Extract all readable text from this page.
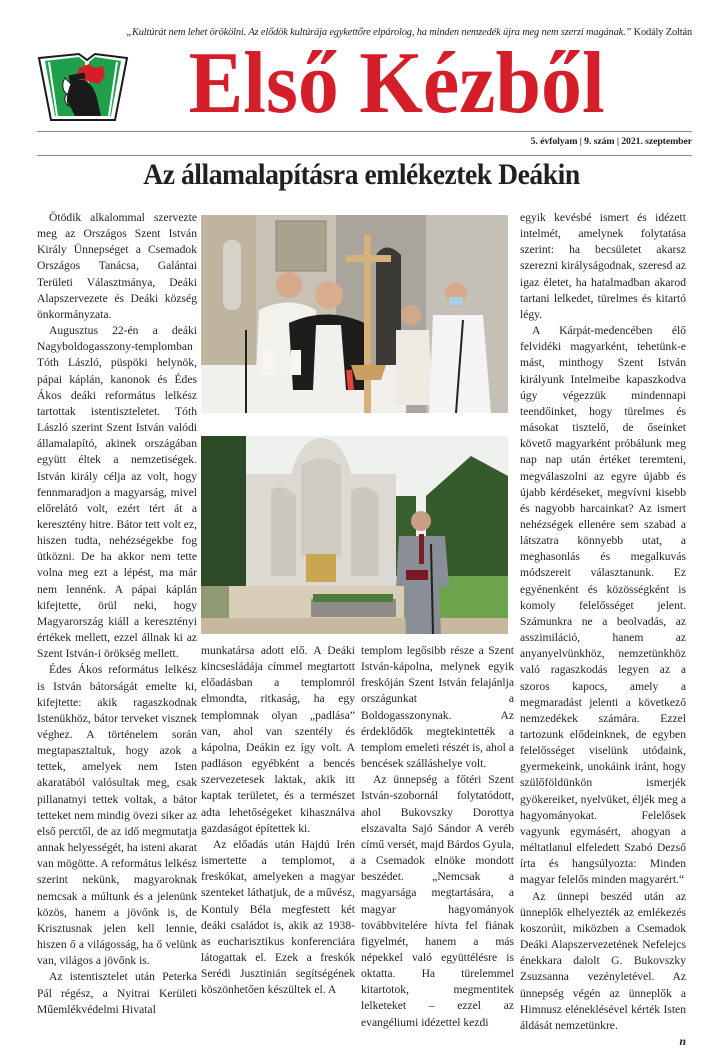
„Kultúrát nem lehet örökölni. Az elődök kultúrája egykettőre elpárolog, ha minden nemzedék újra meg nem szerzi magának.” Kodály Zoltán
Első Kézből
5. évfolyam | 9. szám | 2021. szeptember
Az államalapításra emlékeztek Deákin

Ötödik alkalommal szervezte meg az Országos Szent István Király Ünnepséget a Csemadok Országos Tanácsa, Galántai Területi Választmánya, Deáki Alapszervezete és Deáki község önkormányzata.

Augusztus 22-én a deáki Nagyboldogasszony-templomban Tóth László, püspöki helynök, pápai káplán, kanonok és Édes Ákos deáki református lelkész tartottak istentiszteletet. Tóth László szerint Szent István valódi államalapító, akinek országában együtt éltek a nemzetiségek. István király célja az volt, hogy fennmaradjon a magyarság, mivel előrelátó volt, ezért tért át a keresztény hitre. Bátor tett volt ez, hiszen tudta, nehézségekbe fog ütközni. De ha akkor nem tette volna meg ezt a lépést, ma már nem lennénk. A pápai káplán kifejtette, örül neki, hogy Magyarország kiáll a keresztényi értékek mellett, ezzel állnak ki az Szent István-i örökség mellett.

Édes Ákos református lelkész is István bátorságát emelte ki, kifejtette: akik ragaszkodnak Istenükhöz, bátor terveket visznek véghez. A történelem során megtapasztaltuk, hogy azok a tettek, amelyek nem Isten akaratából valósultak meg, csak pillanatnyi tettek voltak, a bátor tetteket nem mindig övezi siker az első perctől, de az idő megmutatja annak helyességét, ha isteni akarat van mögötte. A református lelkész szerint nekünk, magyaroknak nemcsak a múltunk és a jelenünk közös, hanem a jövőnk is, de Krisztusnak jelen kell lennie, hiszen ő a világosság, ha ő velünk van, világos a jövőnk is.

Az istentisztelet után Peterka Pál régész, a Nyitrai Kerületi Műemlékvédelmi Hivatal

munkatársa adott elő. A Deáki kincsesládája címmel megtartott előadásban a templomról elmondta, ritkaság, ha egy templomnak olyan „padlása” van, ahol van szentély és kápolna, Deákin ez így volt. A padláson egyébként a bencés szervezetesek laktak, akik itt kaptak területet, és a természet adta lehetőségeket kihasználva gazdaságot építettek ki.

Az előadás után Hajdú Irén ismertette a templomot, a freskókat, amelyeken a magyar szenteket láthatjuk, de a művész, Kontuly Béla megfestett két deáki családot is, akik az 1938-as eucharisztikus konferenciára látogattak el. Ezek a freskók Serédi Jusztinián segítségének köszönhetően készültek el. A

templom legősibb része a Szent István-kápolna, melynek egyik freskóján Szent István felajánlja országunkat a Boldogasszonynak. Az érdeklődők megtekintették a templom emeleti részét is, ahol a bencések szálláshelye volt.

Az ünnepség a főtéri Szent István-szobornál folytatódott, ahol Bukovszky Dorottya elszavalta Sajó Sándor A veréb című versét, majd Bárdos Gyula, a Csemadok elnöke mondott beszédet. „Nemcsak a magyarsága megtartására, a magyar hagyományok továbbvitelére hívta fel fiának figyelmét, hanem a más népekkel való együttélésre is oktatta. Ha türelemmel kitartotok, megmentitek lelketeket – ezzel az evangéliumi idézettel kezdi

egyik kevésbé ismert és idézett intelmét, amelynek folytatása szerint: ha becsületet akarsz szerezni királyságodnak, szeresd az igaz életet, ha hatalmadban akarod tartani lelkedet, türelmes és kitartó légy.

A Kárpát-medencében élő felvidéki magyarként, tehetünk-e mást, minthogy Szent István királyunk Intelmeibe kapaszkodva úgy végezzük mindennapi teendőinket, hogy türelmes és másokat tisztelő, de őseinket követő magyarként próbálunk meg nap nap után értéket teremteni, megválaszolni az egyre újabb és újabb kérdéseket, megvívni kisebb és nagyobb harcainkat? Az ismert nehézségek ellenére sem szabad a látszatra könnyebb utat, a meghasonlás és megalkuvás módszereit választanunk. Ez egyénenként és közösségként is komoly felelősséget jelent. Számunkra ne a beolvadás, az asszimiláció, hanem az anyanyelvünkhöz, nemzetünkhöz való ragaszkodás legyen az a szoros kapocs, amely a megmaradást jelenti a következő nemzedékek számára. Ezzel tartozunk elődeinknek, de egyben felelősséget viselünk utódaink, gyermekeink, unokáink iránt, hogy szülőföldünkön ismerjék gyökereiket, nyelvüket, éljék meg a hagyományokat. Felelősek vagyunk egymásért, ahogyan a méltatlanul elfeledett Szabó Dezső írta és hangsúlyozta: Minden magyar felelős minden magyarért.“

Az ünnepi beszéd után az ünneplők elhelyezték az emlékezés koszorúit, miközben a Csemadok Deáki Alapszervezetének Nefelejcs énekkara dalolt G. Bukovszky Zsuzsanna vezényletével. Az ünnepség végén az ünneplők a Himnusz eléneklésével kérték Isten áldását nemzetünkre.

n
